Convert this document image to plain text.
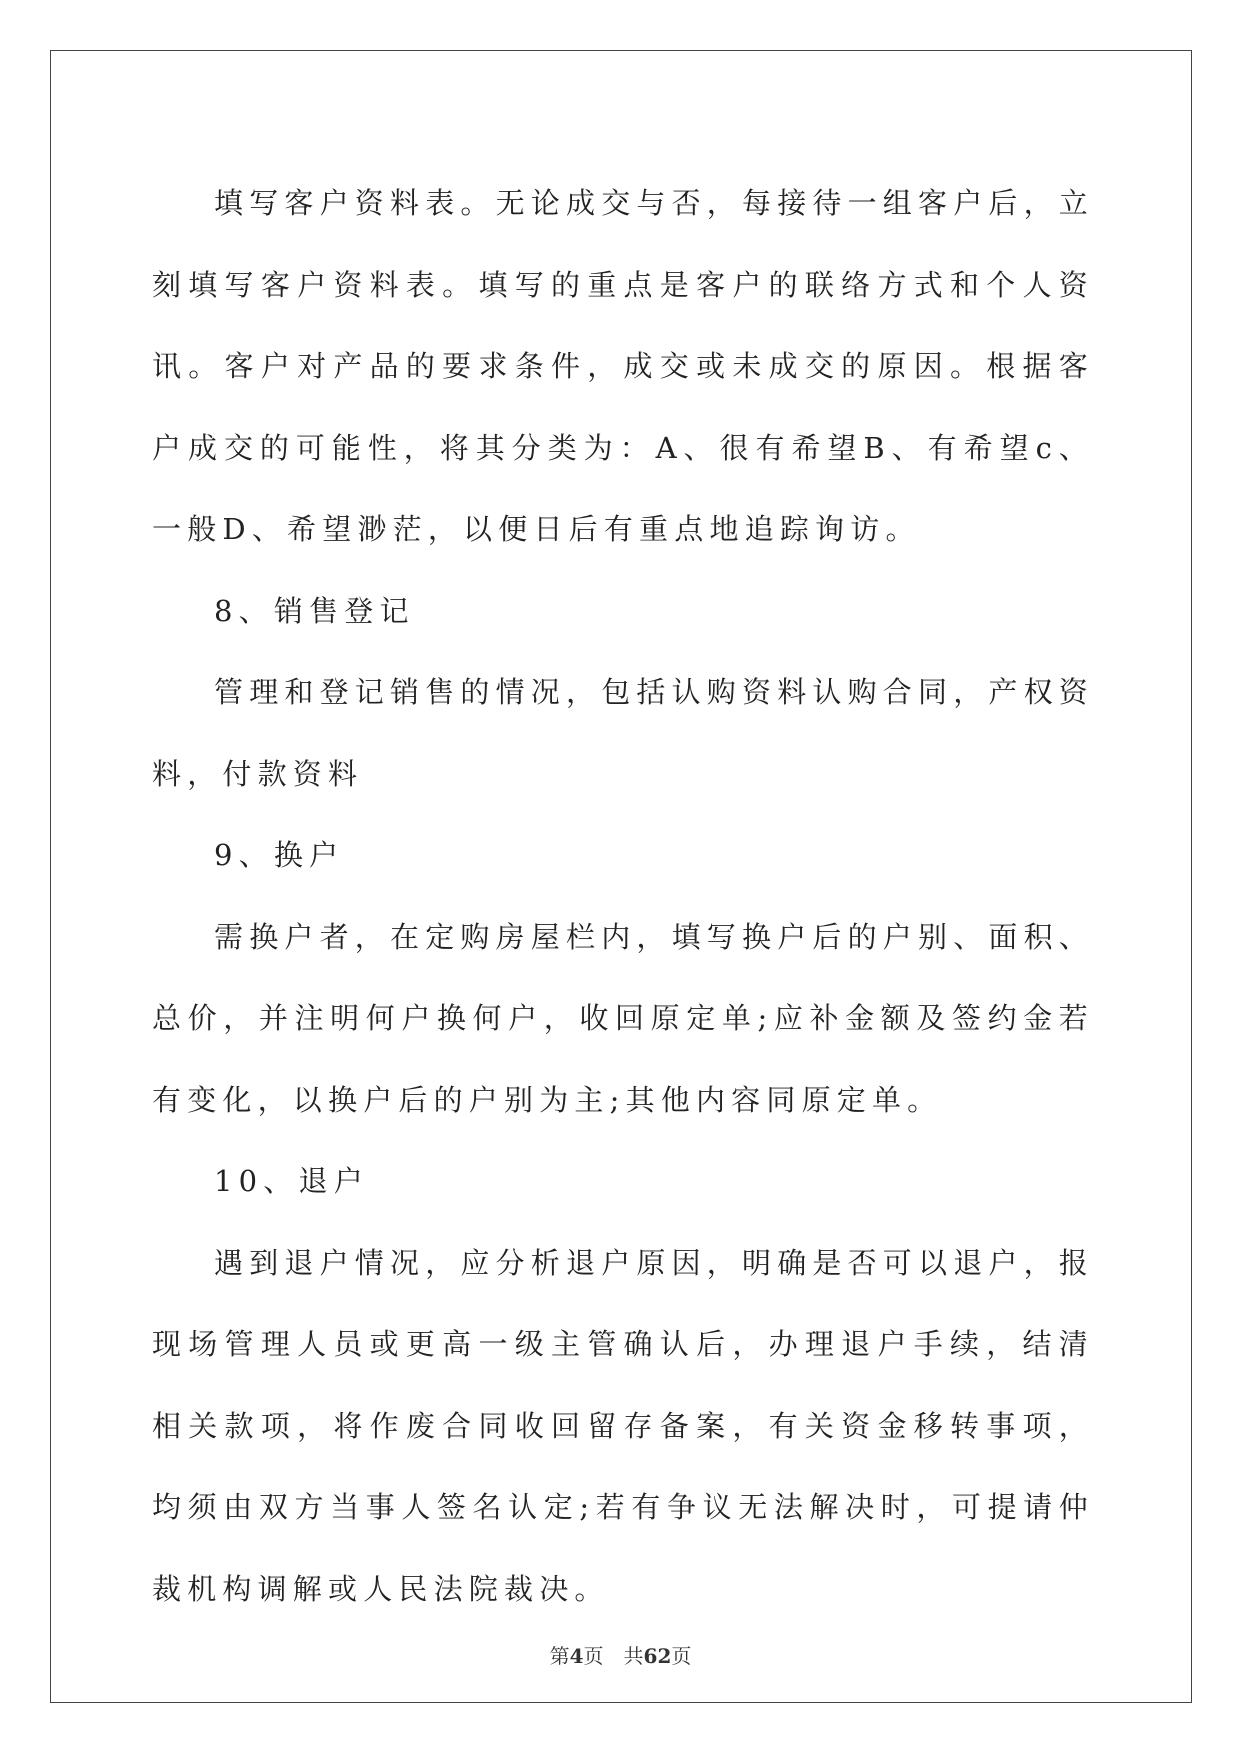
填写客户资料表。无论成交与否，每接待一组客户后，立刻填写客户资料表。填写的重点是客户的联络方式和个人资讯。客户对产品的要求条件，成交或未成交的原因。根据客户成交的可能性，将其分类为：A、很有希望B、有希望c、一般D、希望渺茫，以便日后有重点地追踪询访。

8、销售登记

管理和登记销售的情况，包括认购资料认购合同，产权资料，付款资料

9、换户

需换户者，在定购房屋栏内，填写换户后的户别、面积、总价，并注明何户换何户，收回原定单;应补金额及签约金若有变化，以换户后的户别为主;其他内容同原定单。

10、退户

遇到退户情况，应分析退户原因，明确是否可以退户，报现场管理人员或更高一级主管确认后，办理退户手续，结清相关款项，将作废合同收回留存备案，有关资金移转事项，均须由双方当事人签名认定;若有争议无法解决时，可提请仲裁机构调解或人民法院裁决。

第4页 共62页
